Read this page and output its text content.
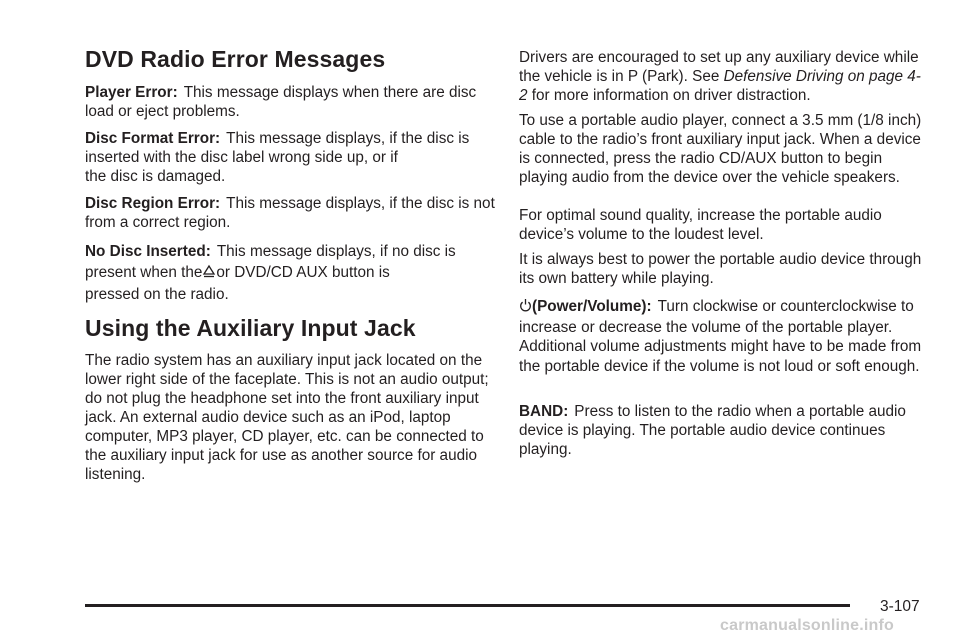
DVD Radio Error Messages

Player Error: This message displays when there are disc load or eject problems.

Disc Format Error: This message displays, if the disc is inserted with the disc label wrong side up, or if
the disc is damaged.

Disc Region Error: This message displays, if the disc is not from a correct region.

No Disc Inserted: This message displays, if no disc is present when the or DVD/CD AUX button is
pressed on the radio.

Using the Auxiliary Input Jack

The radio system has an auxiliary input jack located on the lower right side of the faceplate. This is not an audio output; do not plug the headphone set into the front auxiliary input jack. An external audio device such as an iPod, laptop computer, MP3 player, CD player, etc. can be connected to the auxiliary input jack for use as another source for audio listening.

Drivers are encouraged to set up any auxiliary device while the vehicle is in P (Park). See Defensive Driving on page 4-2 for more information on driver distraction.

To use a portable audio player, connect a 3.5 mm (1/8 inch) cable to the radio’s front auxiliary input jack. When a device is connected, press the radio CD/AUX button to begin playing audio from the device over the vehicle speakers.

For optimal sound quality, increase the portable audio device’s volume to the loudest level.

It is always best to power the portable audio device through its own battery while playing.

(Power/Volume): Turn clockwise or counterclockwise to increase or decrease the volume of the portable player. Additional volume adjustments might have to be made from the portable device if the volume is not loud or soft enough.

BAND: Press to listen to the radio when a portable audio device is playing. The portable audio device continues playing.

3-107
carmanualsonline.info
